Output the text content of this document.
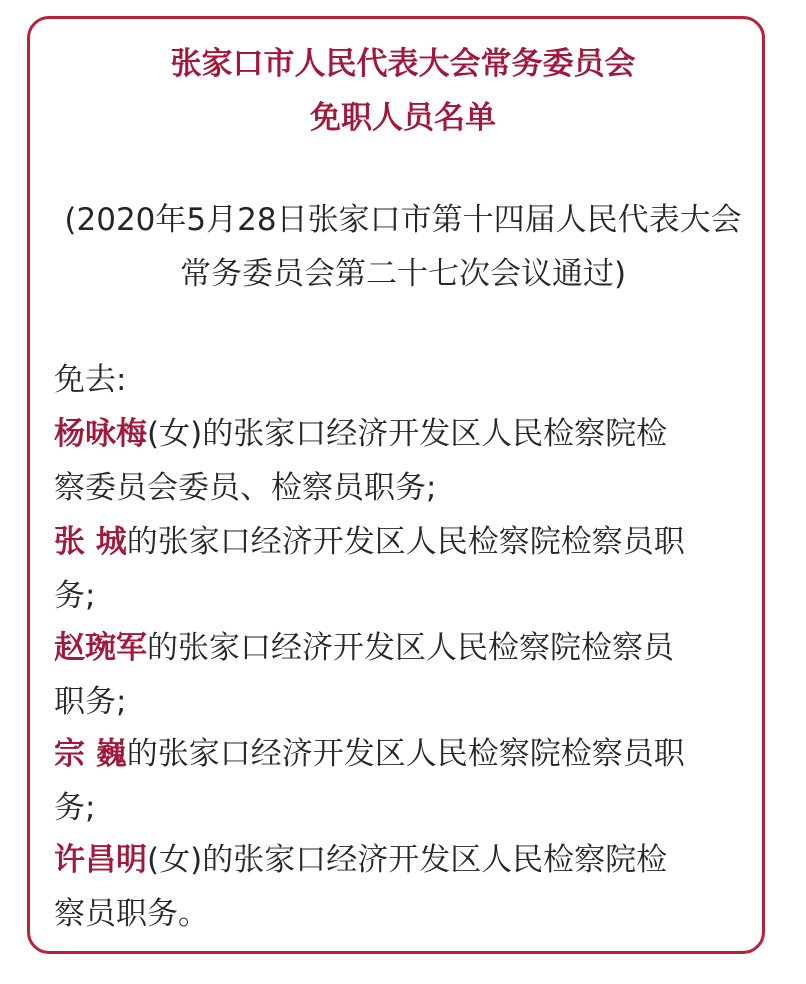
张家口市人民代表大会常务委员会
免职人员名单
(2020年5月28日张家口市第十四届人民代表大会
常务委员会第二十七次会议通过)
免去:
杨咏梅(女)的张家口经济开发区人民检察院检
察委员会委员、检察员职务;
张 城的张家口经济开发区人民检察院检察员职
务;
赵琬军的张家口经济开发区人民检察院检察员
职务;
宗 巍的张家口经济开发区人民检察院检察员职
务;
许昌明(女)的张家口经济开发区人民检察院检
察员职务。
